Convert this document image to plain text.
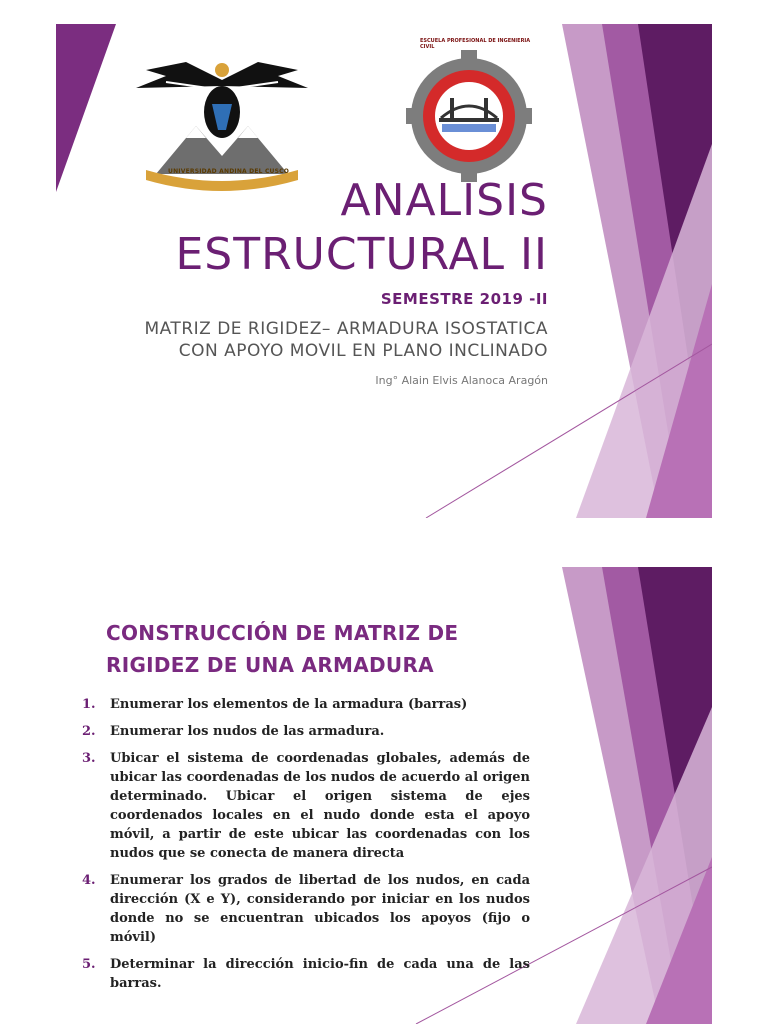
UNIVERSIDAD ANDINA DEL CUSCO
ESCUELA PROFESIONAL DE INGENIERIA CIVIL
ANALISIS
ESTRUCTURAL II
SEMESTRE 2019 -II
MATRIZ DE RIGIDEZ– ARMADURA ISOSTATICA
CON APOYO MOVIL EN PLANO INCLINADO
Ing° Alain Elvis Alanoca Aragón
CONSTRUCCIÓN DE MATRIZ DE
RIGIDEZ DE UNA ARMADURA
1.	Enumerar los elementos de la armadura (barras)
2.	Enumerar los nudos de las armadura.
3.	Ubicar el sistema de coordenadas globales, además de ubicar las coordenadas de los nudos de acuerdo al origen determinado. Ubicar el origen sistema de ejes coordenados locales en el nudo donde esta el apoyo móvil, a partir de este ubicar las coordenadas con los nudos que se conecta de manera directa
4.	Enumerar los grados de libertad de los nudos, en cada dirección (X e Y), considerando por iniciar en los nudos donde no se encuentran ubicados los apoyos (fijo o móvil)
5.	Determinar la dirección inicio-fin de cada una de las barras.
